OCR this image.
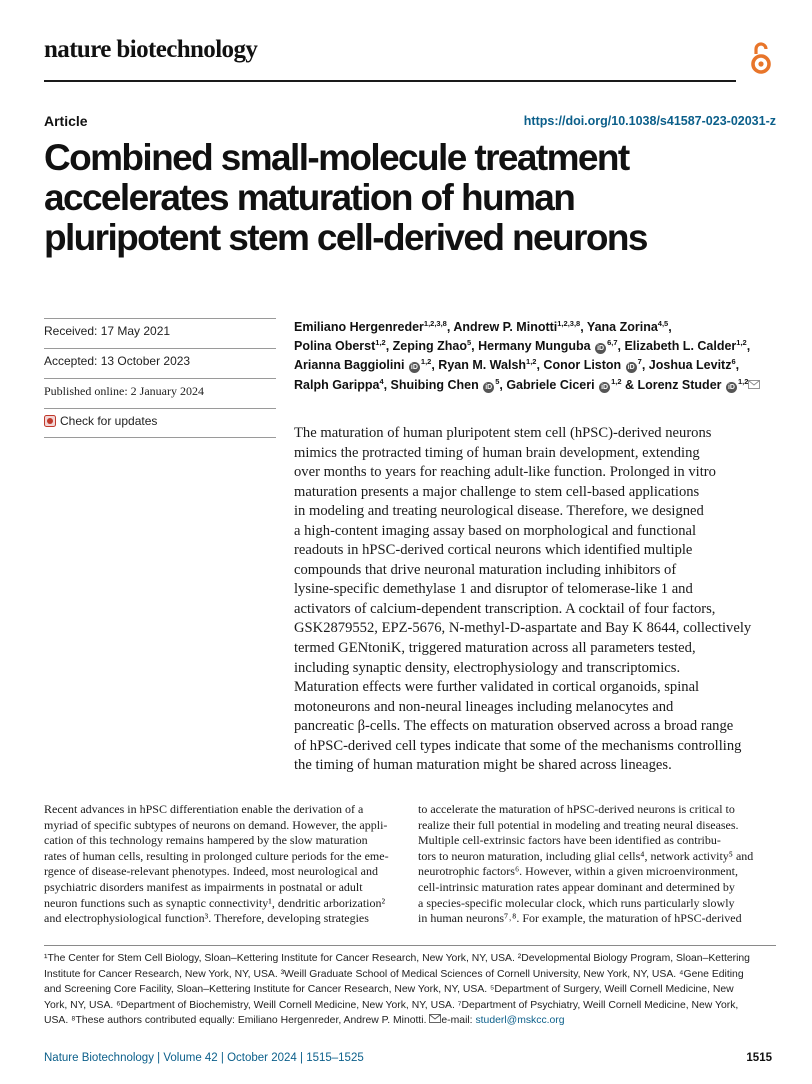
nature biotechnology
Article	https://doi.org/10.1038/s41587-023-02031-z
Combined small-molecule treatment
accelerates maturation of human
pluripotent stem cell-derived neurons
Received: 17 May 2021
Accepted: 13 October 2023
Published online: 2 January 2024
Check for updates
Emiliano Hergenreder$^{1,2,3,8}$, Andrew P. Minotti$^{1,2,3,8}$, Yana Zorina$^{4,5}$,
Polina Oberst$^{1,2}$, Zeping Zhao$^5$, Hermany Munguba iD$^{6,7}$, Elizabeth L. Calder$^{1,2}$,
Arianna Baggiolini iD$^{1,2}$, Ryan M. Walsh$^{1,2}$, Conor Liston $iD^7$, Joshua Levitz$^6$,
Ralph Garippa$^4$, Shuibing Chen $iD^5$, Gabriele Ciceri iD$^{1,2}$ & Lorenz Studer iD$^{1,2}$
The maturation of human pluripotent stem cell (hPSC)-derived neurons
mimics the protracted timing of human brain development, extending
over months to years for reaching adult-like function. Prolonged in vitro
maturation presents a major challenge to stem cell-based applications
in modeling and treating neurological disease. Therefore, we designed
a high-content imaging assay based on morphological and functional
readouts in hPSC-derived cortical neurons which identified multiple
compounds that drive neuronal maturation including inhibitors of
lysine-specific demethylase 1 and disruptor of telomerase-like 1 and
activators of calcium-dependent transcription. A cocktail of four factors,
GSK2879552, EPZ-5676, N-methyl-D-aspartate and Bay K 8644, collectively
termed GENtoniK, triggered maturation across all parameters tested,
including synaptic density, electrophysiology and transcriptomics.
Maturation effects were further validated in cortical organoids, spinal
motoneurons and non-neural lineages including melanocytes and
pancreatic β-cells. The effects on maturation observed across a broad range
of hPSC-derived cell types indicate that some of the mechanisms controlling
the timing of human maturation might be shared across lineages.
Recent advances in hPSC differentiation enable the derivation of a
myriad of specific subtypes of neurons on demand. However, the appli-
cation of this technology remains hampered by the slow maturation
rates of human cells, resulting in prolonged culture periods for the eme-
rgence of disease-relevant phenotypes. Indeed, most neurological and
psychiatric disorders manifest as impairments in postnatal or adult
neuron functions such as synaptic connectivity¹, dendritic arborization²
and electrophysiological function³. Therefore, developing strategies
to accelerate the maturation of hPSC-derived neurons is critical to
realize their full potential in modeling and treating neural diseases.
Multiple cell-extrinsic factors have been identified as contribu-
tors to neuron maturation, including glial cells⁴, network activity⁵ and
neurotrophic factors⁶. However, within a given microenvironment,
cell-intrinsic maturation rates appear dominant and determined by
a species-specific molecular clock, which runs particularly slowly
in human neurons⁷˒⁸. For example, the maturation of hPSC-derived
¹The Center for Stem Cell Biology, Sloan–Kettering Institute for Cancer Research, New York, NY, USA. ²Developmental Biology Program, Sloan–Kettering
Institute for Cancer Research, New York, NY, USA. ³Weill Graduate School of Medical Sciences of Cornell University, New York, NY, USA. ⁴Gene Editing
and Screening Core Facility, Sloan–Kettering Institute for Cancer Research, New York, NY, USA. ⁵Department of Surgery, Weill Cornell Medicine, New
York, NY, USA. ⁶Department of Biochemistry, Weill Cornell Medicine, New York, NY, USA. ⁷Department of Psychiatry, Weill Cornell Medicine, New York,
USA. ⁸These authors contributed equally: Emiliano Hergenreder, Andrew P. Minotti. e-mail: studerl@mskcc.org
Nature Biotechnology | Volume 42 | October 2024 | 1515–1525	1515
